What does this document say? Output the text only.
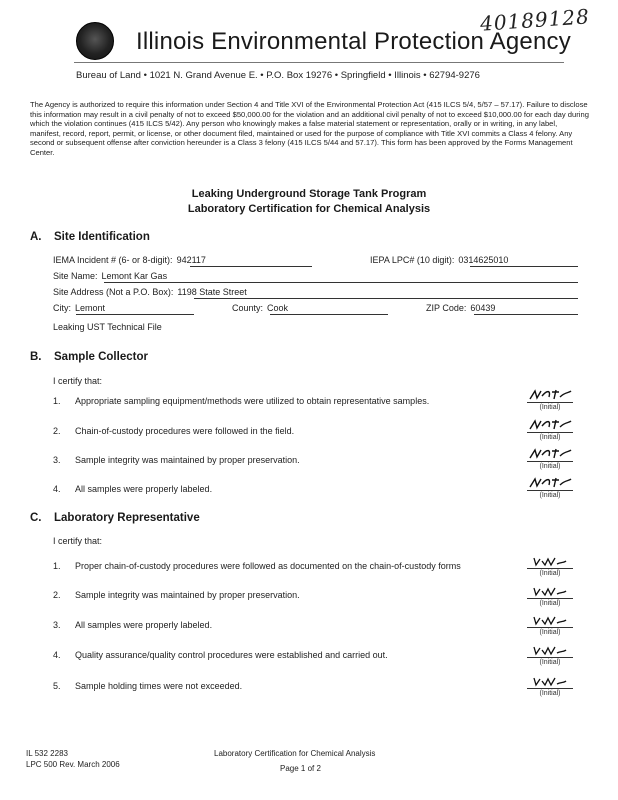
40189128
Illinois Environmental Protection Agency
Bureau of Land • 1021 N. Grand Avenue E. • P.O. Box 19276 • Springfield • Illinois • 62794-9276
The Agency is authorized to require this information under Section 4 and Title XVI of the Environmental Protection Act (415 ILCS 5/4, 5/57 – 57.17). Failure to disclose this information may result in a civil penalty of not to exceed $50,000.00 for the violation and an additional civil penalty of not to exceed $10,000.00 for each day during which the violation continues (415 ILCS 5/42). Any person who knowingly makes a false material statement or representation, orally or in writing, in any label, manifest, record, report, permit, or license, or other document filed, maintained or used for the purpose of compliance with Title XVI commits a Class 4 felony. Any second or subsequent offense after conviction hereunder is a Class 3 felony (415 ILCS 5/44 and 57.17). This form has been approved by the Forms Management Center.
Leaking Underground Storage Tank Program
Laboratory Certification for Chemical Analysis
A. Site Identification
IEMA Incident # (6- or 8-digit): 942117	IEPA LPC# (10 digit): 0314625010
Site Name: Lemont Kar Gas
Site Address (Not a P.O. Box): 1198 State Street
City: Lemont	County: Cook	ZIP Code: 60439
Leaking UST Technical File
B. Sample Collector
I certify that:
1. Appropriate sampling equipment/methods were utilized to obtain representative samples.
(Initial)
2. Chain-of-custody procedures were followed in the field.
(Initial)
3. Sample integrity was maintained by proper preservation.
(Initial)
4. All samples were properly labeled.
(Initial)
C. Laboratory Representative
I certify that:
1. Proper chain-of-custody procedures were followed as documented on the chain-of-custody forms
(Initial)
2. Sample integrity was maintained by proper preservation.
(Initial)
3. All samples were properly labeled.
(Initial)
4. Quality assurance/quality control procedures were established and carried out.
(Initial)
5. Sample holding times were not exceeded.
(Initial)
IL 532 2283
LPC 500 Rev. March 2006
Laboratory Certification for Chemical Analysis
Page 1 of 2
